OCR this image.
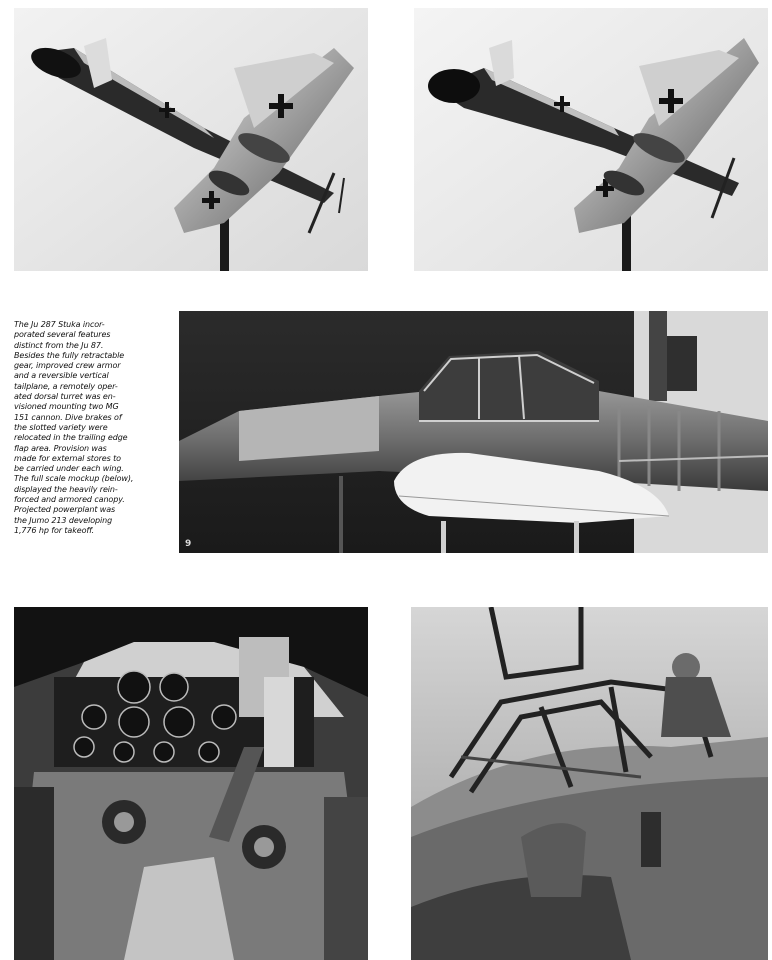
The Ju 287 Stuka incor-
porated several features
distinct from the Ju 87.
Besides the fully retractable
gear, improved crew armor
and a reversible vertical
tailplane, a remotely oper-
ated dorsal turret was en-
visioned mounting two MG
151 cannon. Dive brakes of
the slotted variety were
relocated in the trailing edge
flap area. Provision was
made for external stores to
be carried under each wing.
The full scale mockup (below),
displayed the heavily rein-
forced and armored canopy.
Projected powerplant was
the Jumo 213 developing
1,776 hp for takeoff.
9
